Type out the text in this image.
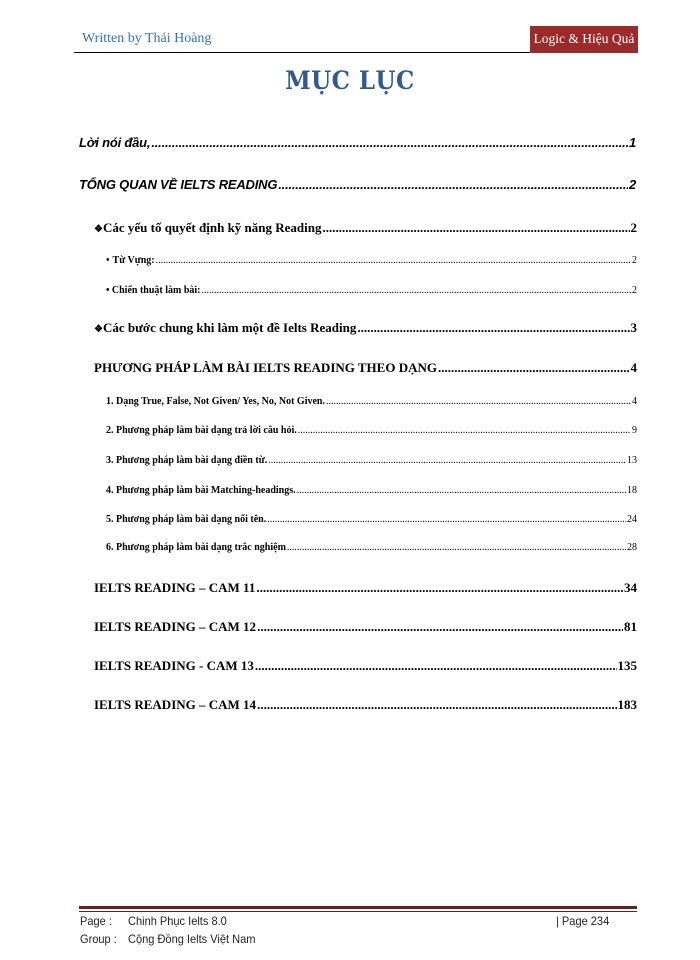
Written by Thái Hoàng	Logic & Hiệu Quả
MỤC LỤC
Lời nói đầu, .....	1
TỔNG QUAN VỀ IELTS READING .....	2
❖ Các yếu tố quyết định kỹ năng Reading .....	2
• Từ Vựng: .....	2
• Chiến thuật làm bài: .....	2
❖ Các bước chung khi làm một đề Ielts Reading .....	3
PHƯƠNG PHÁP LÀM BÀI IELTS READING THEO DẠNG .....	4
1. Dạng True, False, Not Given/ Yes, No, Not Given. .....	4
2. Phương pháp làm bài dạng trả lời câu hỏi. .....	9
3. Phương pháp làm bài dạng điền từ. .....	13
4. Phương pháp làm bài Matching-headings. .....	18
5. Phương pháp làm bài dạng nối tên. .....	24
6. Phương pháp làm bài dạng trắc nghiệm .....	28
IELTS READING – CAM 11 .....	34
IELTS READING – CAM 12 .....	81
IELTS READING - CAM 13 .....	135
IELTS READING – CAM 14 .....	183
Page : Chinh Phục Ielts 8.0
Group : Cộng Đồng Ielts Việt Nam
| Page 234
